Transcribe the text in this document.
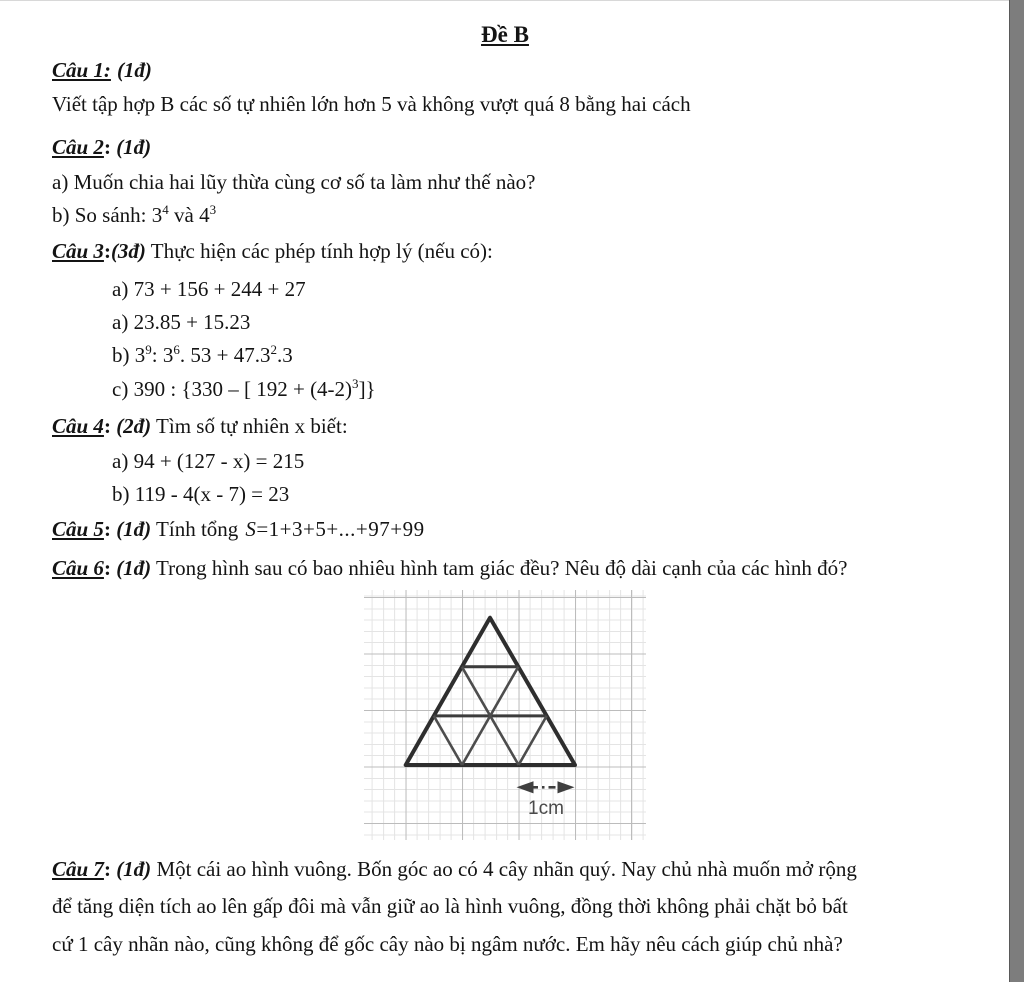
Đề B
Câu 1: (1đ)
Viết tập hợp B các số tự nhiên lớn hơn 5 và không vượt quá 8 bằng hai cách
Câu 2: (1đ)
a) Muốn chia hai lũy thừa cùng cơ số ta làm như thế nào?
b) So sánh: $3^4$ và $4^3$
Câu 3:(3đ) Thực hiện các phép tính hợp lý (nếu có):
a) 73 + 156 + 244 + 27
a) 23.85 + 15.23
b) $3^9$: $3^6$. $53 + 47.3^2.3$
c) 390 : {330 – [ $192 + (4-2)^3$]}
Câu 4: (2đ) Tìm số tự nhiên x biết:
a) 94 + (127 - x) = 215
b) 119 - 4(x - 7) = 23
Câu 5: (1đ) Tính tổng S=1+3+5+...+97+99
Câu 6: (1đ) Trong hình sau có bao nhiêu hình tam giác đều? Nêu độ dài cạnh của các hình đó?
1cm
Câu 7: (1đ) Một cái ao hình vuông. Bốn góc ao có 4 cây nhãn quý. Nay chủ nhà muốn mở rộng
để tăng diện tích ao lên gấp đôi mà vẫn giữ ao là hình vuông, đồng thời không phải chặt bỏ bất
cứ 1 cây nhãn nào, cũng không để gốc cây nào bị ngâm nước. Em hãy nêu cách giúp chủ nhà?
